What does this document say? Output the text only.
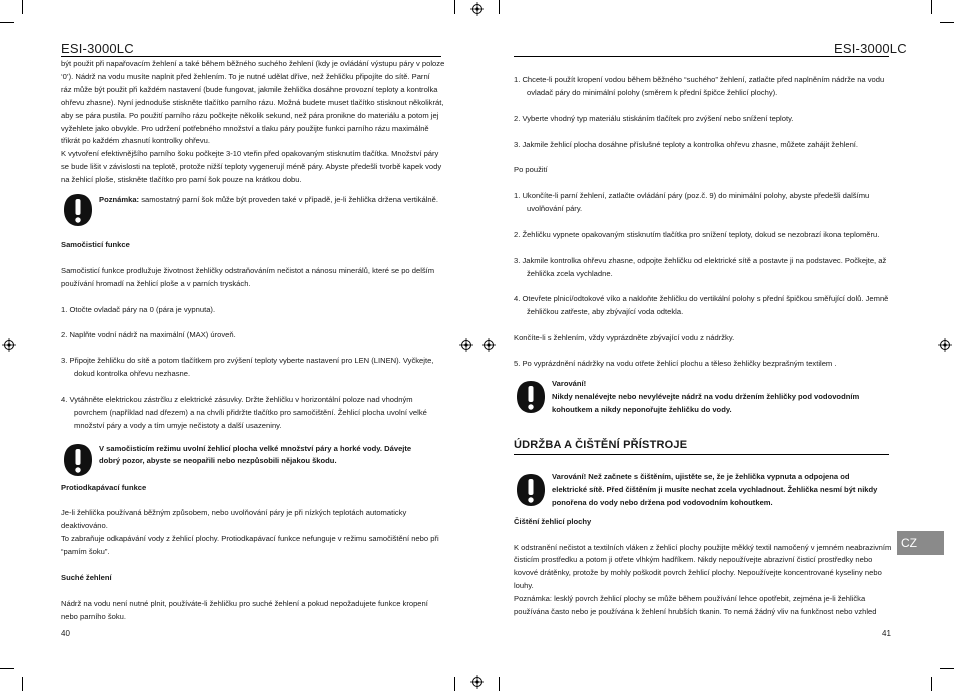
ESI-3000LC	ESI-3000LC

být použit při napařovacím žehlení a také během běžného suchého žehlení (kdy je ovládání výstupu páry v poloze

‘0’). Nádrž na vodu musíte naplnit před žehlením. To je nutné udělat dříve, než žehličku připojíte do sítě. Parní

ráz může být použit při každém nastavení (bude fungovat, jakmile žehlička dosáhne provozní teploty a kontrolka

ohřevu zhasne). Nyní jednoduše stiskněte tlačítko parního rázu. Možná budete muset tlačítko stisknout několikrát,

aby se pára pustila. Po použití parního rázu počkejte několik sekund, než pára pronikne do materiálu a potom jej

vyžehlete jako obvykle. Pro udržení potřebného množství a tlaku páry použijte funkci parního rázu maximálně

třikrát po každém zhasnutí kontrolky ohřevu.

K vytvoření efektivnějšího parního šoku počkejte 3-10 vteřin před opakovaným stisknutím tlačítka. Množství páry

se bude lišit v závislosti na teplotě, protože nižší teploty vygenerují méně páry. Abyste předešli tvorbě kapek vody

na žehlicí ploše, stiskněte tlačítko pro parní šok pouze na krátkou dobu.

Poznámka: samostatný parní šok může být proveden také v případě, je-li žehlička držena vertikálně.

Samočisticí funkce

Samočisticí funkce prodlužuje životnost žehličky odstraňováním nečistot a nánosu minerálů, které se po delším

používání hromadí na žehlicí ploše a v parních tryskách.

1. Otočte ovladač páry na 0 (pára je vypnuta).

2. Naplňte vodní nádrž na maximální (MAX) úroveň.

3. Připojte žehličku do sítě a potom tlačítkem pro zvýšení teploty vyberte nastavení pro LEN (LINEN). Vyčkejte,

dokud kontrolka ohřevu nezhasne.

4. Vytáhněte elektrickou zástrčku z elektrické zásuvky. Držte žehličku v horizontální poloze nad vhodným

povrchem (například nad dřezem) a na chvíli přidržte tlačítko pro samočištění. Žehlicí plocha uvolní velké

množství páry a vody a tím umyje nečistoty a další usazeniny.

V samočisticím režimu uvolní žehlicí plocha velké množství páry a horké vody. Dávejte

dobrý pozor, abyste se neopařili nebo nezpůsobili nějakou škodu.

Protiodkapávací funkce

Je-li žehlička používaná běžným způsobem, nebo uvolňování páry je při nízkých teplotách automaticky deaktivováno.

To zabraňuje odkapávání vody z žehlicí plochy. Protiodkapávací funkce nefunguje v režimu samočištění nebo při

“pamím šoku”.

Suché žehlení

Nádrž na vodu není nutné plnit, používáte-li žehličku pro suché žehlení a pokud nepožadujete funkce kropení

nebo parního šoku.

40

1. Chcete-li použít kropení vodou během běžného “suchého” žehlení, zatlačte před naplněním nádrže na vodu

ovladač páry do minimální polohy (směrem k přední špičce žehlicí plochy).

2. Vyberte vhodný typ materiálu stiskáním tlačítek pro zvýšení nebo snížení teploty.

3. Jakmile žehlicí plocha dosáhne příslušné teploty a kontrolka ohřevu zhasne, můžete zahájit žehlení.

Po použití

1. Ukončíte-li parní žehlení, zatlačte ovládání páry (poz.č. 9) do minimální polohy, abyste předešli dalšímu

uvolňování páry.

2. Žehličku vypnete opakovaným stisknutím tlačítka pro snížení teploty, dokud se nezobrazí ikona teploměru.

3. Jakmile kontrolka ohřevu zhasne, odpojte žehličku od elektrické sítě a postavte ji na podstavec. Počkejte, až

žehlička zcela vychladne.

4. Otevřete plnicí/odtokové víko a nakloňte žehličku do vertikální polohy s přední špičkou směřující dolů. Jemně

žehličkou zatřeste, aby zbývající voda odtekla.

Končíte-li s žehlením, vždy vyprázdněte zbývající vodu z nádržky.

5. Po vyprázdnění nádržky na vodu otřete žehlicí plochu a těleso žehličky bezprašným textilem .

Varování!

Nikdy nenalévejte nebo nevylévejte nádrž na vodu držením žehličky pod vodovodním

kohoutkem a nikdy neponořujte žehličku do vody.

ÚDRŽBA A ČIŠTĚNÍ PŘÍSTROJE

Varování! Než začnete s čištěním, ujistěte se, že je žehlička vypnuta a odpojena od

elektrické sítě. Před čištěním ji musíte nechat zcela vychladnout. Žehlička nesmí být nikdy

ponořena do vody nebo držena pod vodovodním kohoutkem.

Čištění žehlicí plochy

K odstranění nečistot a textilních vláken z žehlicí plochy použijte měkký textil namočený v jemném neabrazivním

čisticím prostředku a potom ji otřete vlhkým hadříkem. Nikdy nepoužívejte abrazivní čisticí prostředky nebo

kovové drátěnky, protože by mohly poškodit povrch žehlicí plochy. Nepoužívejte koncentrované kyseliny nebo

louhy.

Poznámka: lesklý povrch žehlicí plochy se může během používání lehce opotřebit, zejména je-li žehlička

používána často nebo je používána k žehlení hrubších tkanin. To nemá žádný vliv na funkčnost nebo vzhled

41
CZ
